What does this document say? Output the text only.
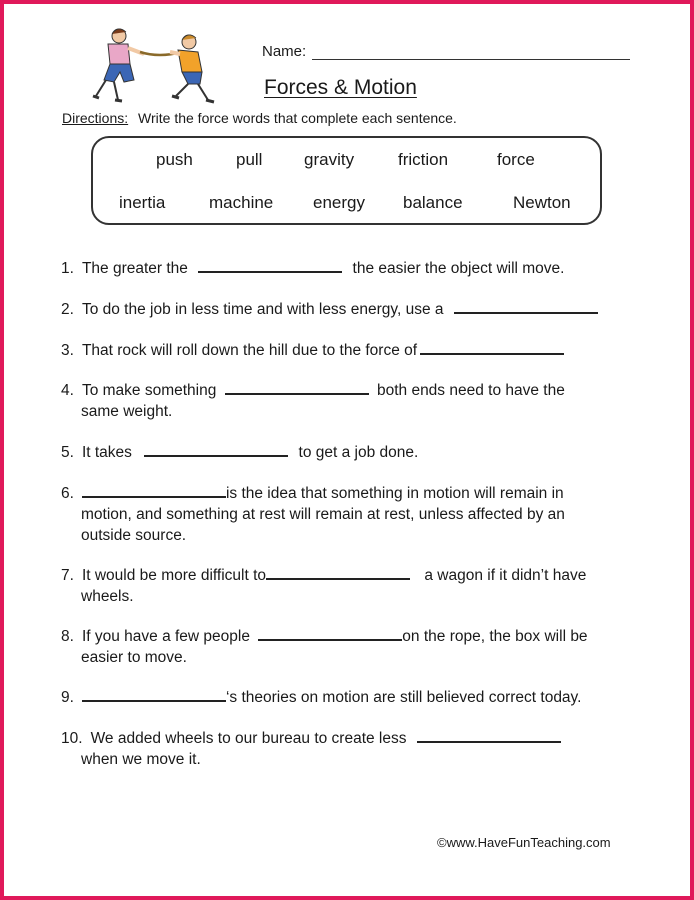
Name:
Forces & Motion
Directions: Write the force words that complete each sentence.
push	pull gravity	friction	force
inertia	machine energy balance	Newton
1. The greater the	the easier the object will move.
2. To do the job in less time and with less energy, use a
3. That rock will roll down the hill due to the force of
4. To make something	both ends need to have the
same weight.
5. It takes	to get a job done.
6.	is the idea that something in motion will remain in
motion, and something at rest will remain at rest, unless affected by an
outside source.
7. It would be more difficult to	a wagon if it didn’t have
wheels.
8. If you have a few people	on the rope, the box will be
easier to move.
9.	‘s theories on motion are still believed correct today.
10. We added wheels to our bureau to create less
when we move it.
©www.HaveFunTeaching.com
